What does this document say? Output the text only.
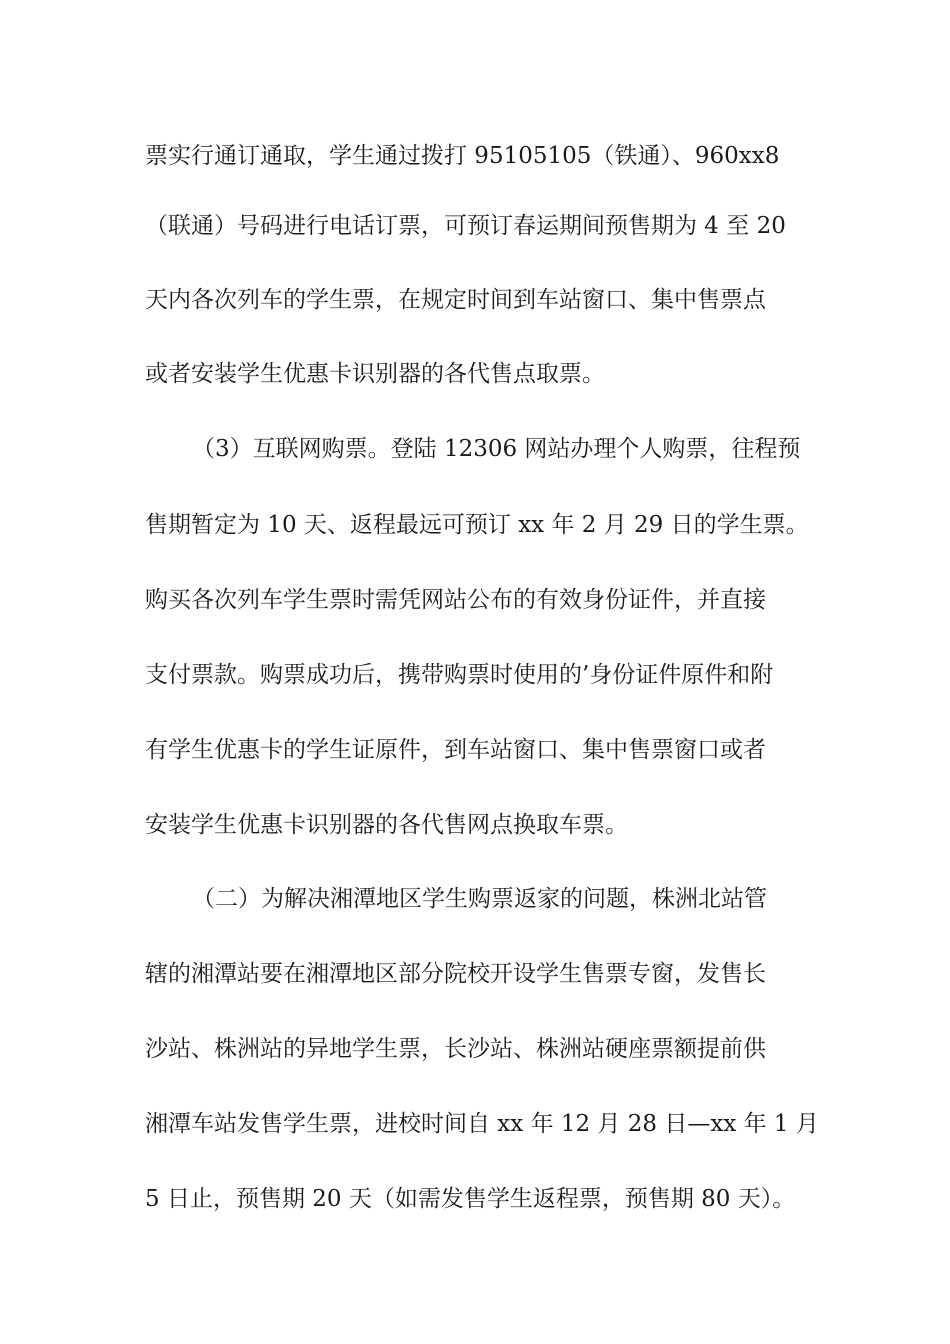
票实行通订通取，学生通过拨打 95105105（铁通）、960xx8
（联通）号码进行电话订票，可预订春运期间预售期为 4 至 20
天内各次列车的学生票，在规定时间到车站窗口、集中售票点
或者安装学生优惠卡识别器的各代售点取票。
（3）互联网购票。登陆 12306 网站办理个人购票，往程预
售期暂定为 10 天、返程最远可预订 xx 年 2 月 29 日的学生票。
购买各次列车学生票时需凭网站公布的有效身份证件，并直接
支付票款。购票成功后，携带购票时使用的’身份证件原件和附
有学生优惠卡的学生证原件，到车站窗口、集中售票窗口或者
安装学生优惠卡识别器的各代售网点换取车票。
（二）为解决湘潭地区学生购票返家的问题，株洲北站管
辖的湘潭站要在湘潭地区部分院校开设学生售票专窗，发售长
沙站、株洲站的异地学生票，长沙站、株洲站硬座票额提前供
湘潭车站发售学生票，进校时间自 xx 年 12 月 28 日—xx 年 1 月
5 日止，预售期 20 天（如需发售学生返程票，预售期 80 天）。
